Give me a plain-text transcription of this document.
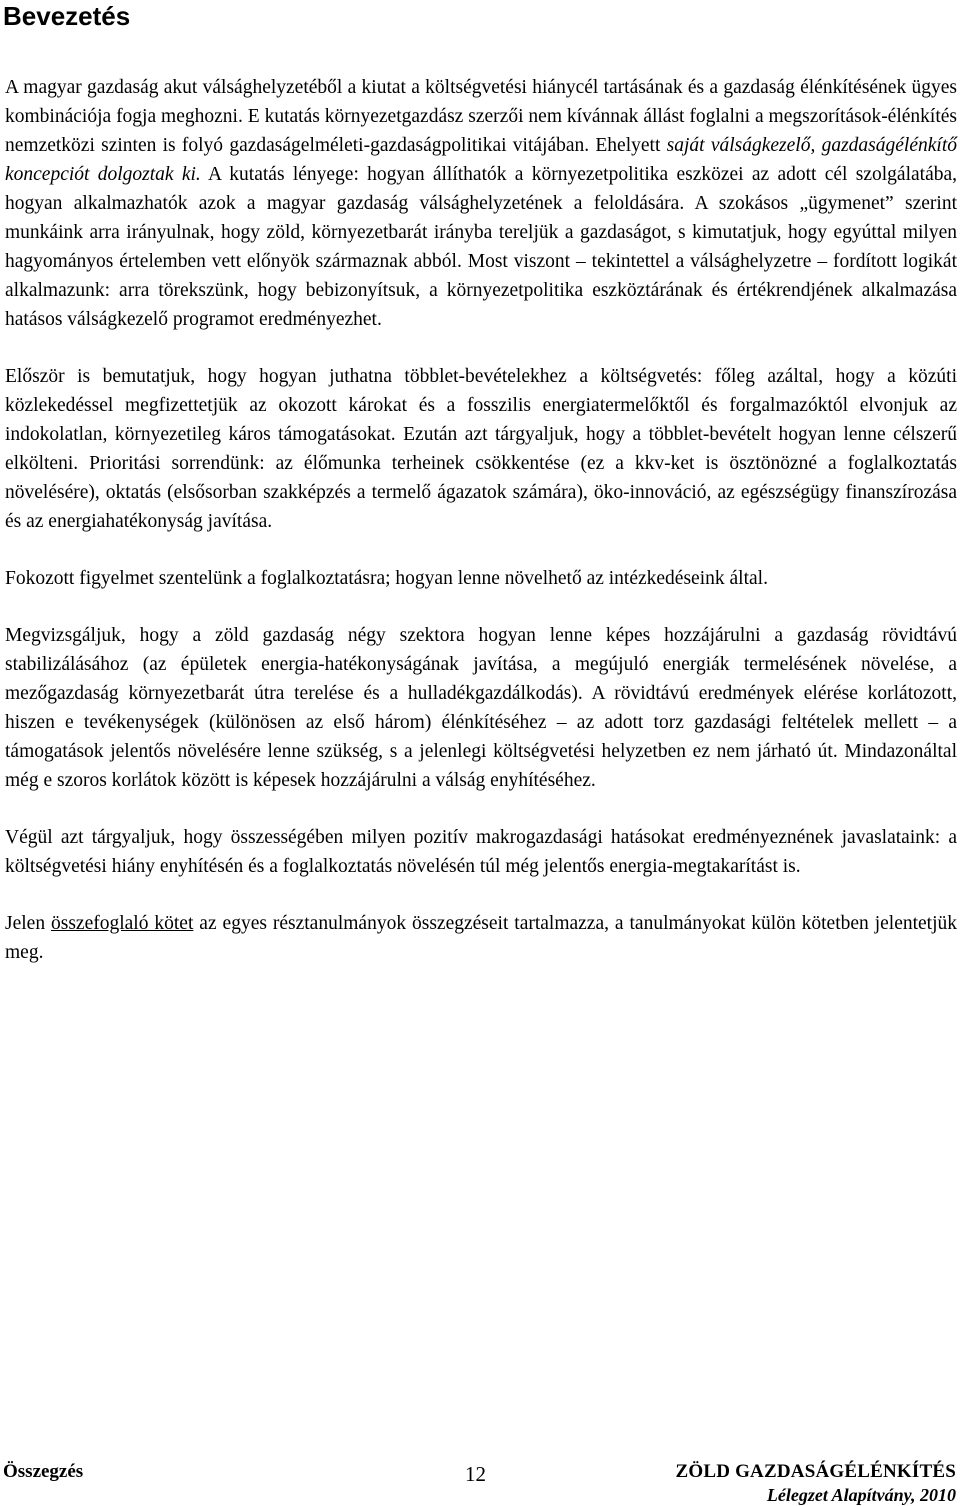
Bevezetés

A magyar gazdaság akut válsághelyzetéből a kiutat a költségvetési hiánycél tartásának és a gazdaság élénkítésének ügyes kombinációja fogja meghozni. E kutatás környezetgazdász szerzői nem kívánnak állást foglalni a megszorítások-élénkítés nemzetközi szinten is folyó gazdaságelméleti-gazdaságpolitikai vitájában. Ehelyett saját válságkezelő, gazdaságélénkítő koncepciót dolgoztak ki. A kutatás lényege: hogyan állíthatók a környezetpolitika eszközei az adott cél szolgálatába, hogyan alkalmazhatók azok a magyar gazdaság válsághelyzetének a feloldására. A szokásos „ügymenet” szerint munkáink arra irányulnak, hogy zöld, környezetbarát irányba tereljük a gazdaságot, s kimutatjuk, hogy egyúttal milyen hagyományos értelemben vett előnyök származnak abból. Most viszont – tekintettel a válsághelyzetre – fordított logikát alkalmazunk: arra törekszünk, hogy bebizonyítsuk, a környezetpolitika eszköztárának és értékrendjének alkalmazása hatásos válságkezelő programot eredményezhet.

Először is bemutatjuk, hogy hogyan juthatna többlet-bevételekhez a költségvetés: főleg azáltal, hogy a közúti közlekedéssel megfizettetjük az okozott károkat és a fosszilis energiatermelőktől és forgalmazóktól elvonjuk az indokolatlan, környezetileg káros támogatásokat. Ezután azt tárgyaljuk, hogy a többlet-bevételt hogyan lenne célszerű elkölteni. Prioritási sorrendünk: az élőmunka terheinek csökkentése (ez a kkv-ket is ösztönözné a foglalkoztatás növelésére), oktatás (elsősorban szakképzés a termelő ágazatok számára), öko-innováció, az egészségügy finanszírozása és az energiahatékonyság javítása.

Fokozott figyelmet szentelünk a foglalkoztatásra; hogyan lenne növelhető az intézkedéseink által.

Megvizsgáljuk, hogy a zöld gazdaság négy szektora hogyan lenne képes hozzájárulni a gazdaság rövidtávú stabilizálásához (az épületek energia-hatékonyságának javítása, a megújuló energiák termelésének növelése, a mezőgazdaság környezetbarát útra terelése és a hulladékgazdálkodás). A rövidtávú eredmények elérése korlátozott, hiszen e tevékenységek (különösen az első három) élénkítéséhez – az adott torz gazdasági feltételek mellett – a támogatások jelentős növelésére lenne szükség, s a jelenlegi költségvetési helyzetben ez nem járható út. Mindazonáltal még e szoros korlátok között is képesek hozzájárulni a válság enyhítéséhez.

Végül azt tárgyaljuk, hogy összességében milyen pozitív makrogazdasági hatásokat eredményeznének javaslataink: a költségvetési hiány enyhítésén és a foglalkoztatás növelésén túl még jelentős energia-megtakarítást is.

Jelen összefoglaló kötet az egyes résztanulmányok összegzéseit tartalmazza, a tanulmányokat külön kötetben jelentetjük meg.

Összegzés	12	ZÖLD GAZDASÁGÉLÉNKÍTÉS
Lélegzet Alapítvány, 2010
